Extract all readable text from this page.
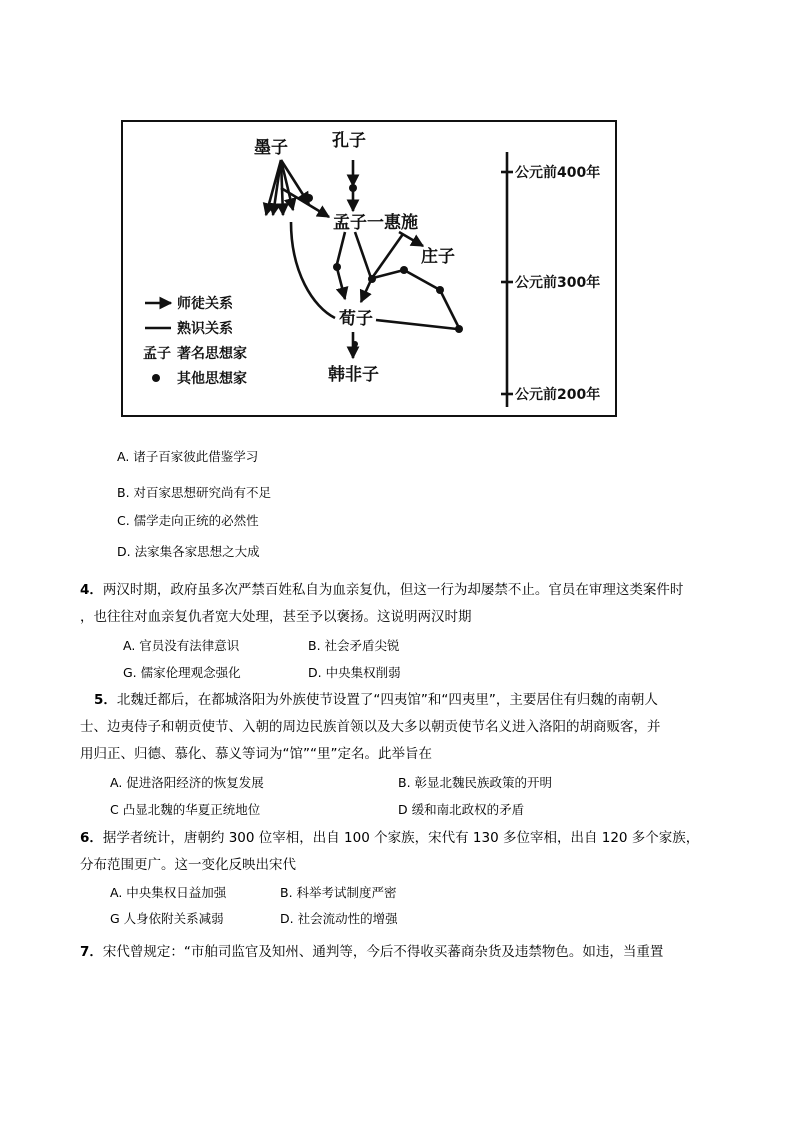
墨子	孔子
孟子 一 惠施
庄子
荀子
韩非子
师徒关系
熟识关系
孟子 著名思想家
其他思想家
公元前400年
公元前300年
公元前200年
A. 诸子百家彼此借鉴学习
B. 对百家思想研究尚有不足
C. 儒学走向正统的必然性
D. 法家集各家思想之大成
4．两汉时期，政府虽多次严禁百姓私自为血亲复仇，但这一行为却屡禁不止。官员在审理这类案件时
，也往往对血亲复仇者宽大处理，甚至予以褒扬。这说明两汉时期
A. 官员没有法律意识	B. 社会矛盾尖锐
G. 儒家伦理观念强化	D. 中央集权削弱
5．北魏迁都后，在都城洛阳为外族使节设置了“四夷馆”和“四夷里”，主要居住有归魏的南朝人
士、边夷侍子和朝贡使节、入朝的周边民族首领以及大多以朝贡使节名义进入洛阳的胡商贩客，并
用归正、归德、慕化、慕义等词为“馆”“里”定名。此举旨在
A. 促进洛阳经济的恢复发展	B. 彰显北魏民族政策的开明
C 凸显北魏的华夏正统地位	D 缓和南北政权的矛盾
6．据学者统计，唐朝约 300 位宰相，出自 100 个家族，宋代有 130 多位宰相，出自 120 多个家族，
分布范围更广。这一变化反映出宋代
A. 中央集权日益加强	B. 科举考试制度严密
G 人身依附关系减弱	D. 社会流动性的增强
7．宋代曾规定：“市舶司监官及知州、通判等，今后不得收买蕃商杂货及违禁物色。如违，当重置
